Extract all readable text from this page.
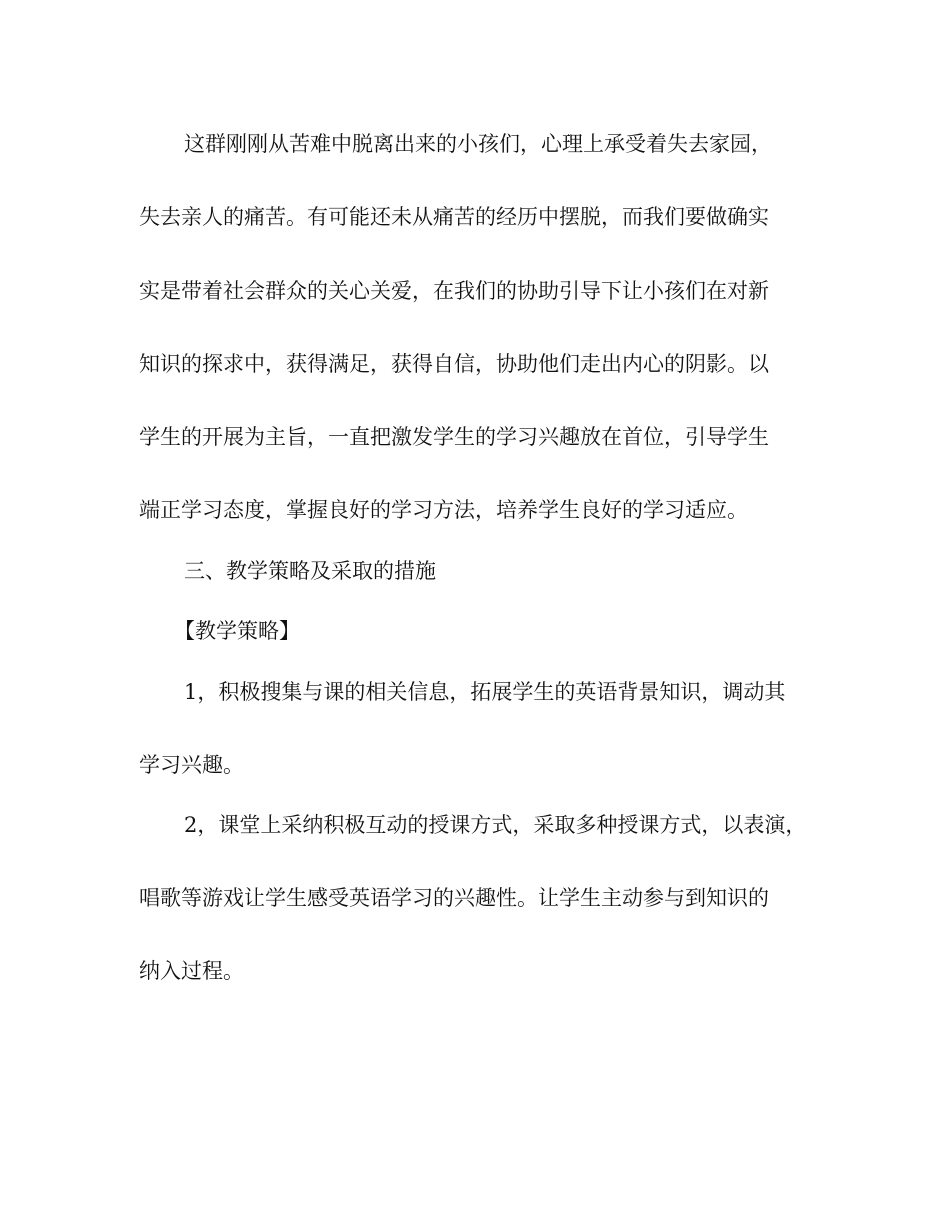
这群刚刚从苦难中脱离出来的小孩们，心理上承受着失去家园，
失去亲人的痛苦。有可能还未从痛苦的经历中摆脱，而我们要做确实
实是带着社会群众的关心关爱，在我们的协助引导下让小孩们在对新
知识的探求中，获得满足，获得自信，协助他们走出内心的阴影。以
学生的开展为主旨，一直把激发学生的学习兴趣放在首位，引导学生
端正学习态度，掌握良好的学习方法，培养学生良好的学习适应。
三、教学策略及采取的措施
【教学策略】
1，积极搜集与课的相关信息，拓展学生的英语背景知识，调动其
学习兴趣。
2，课堂上采纳积极互动的授课方式，采取多种授课方式，以表演，
唱歌等游戏让学生感受英语学习的兴趣性。让学生主动参与到知识的
纳入过程。
